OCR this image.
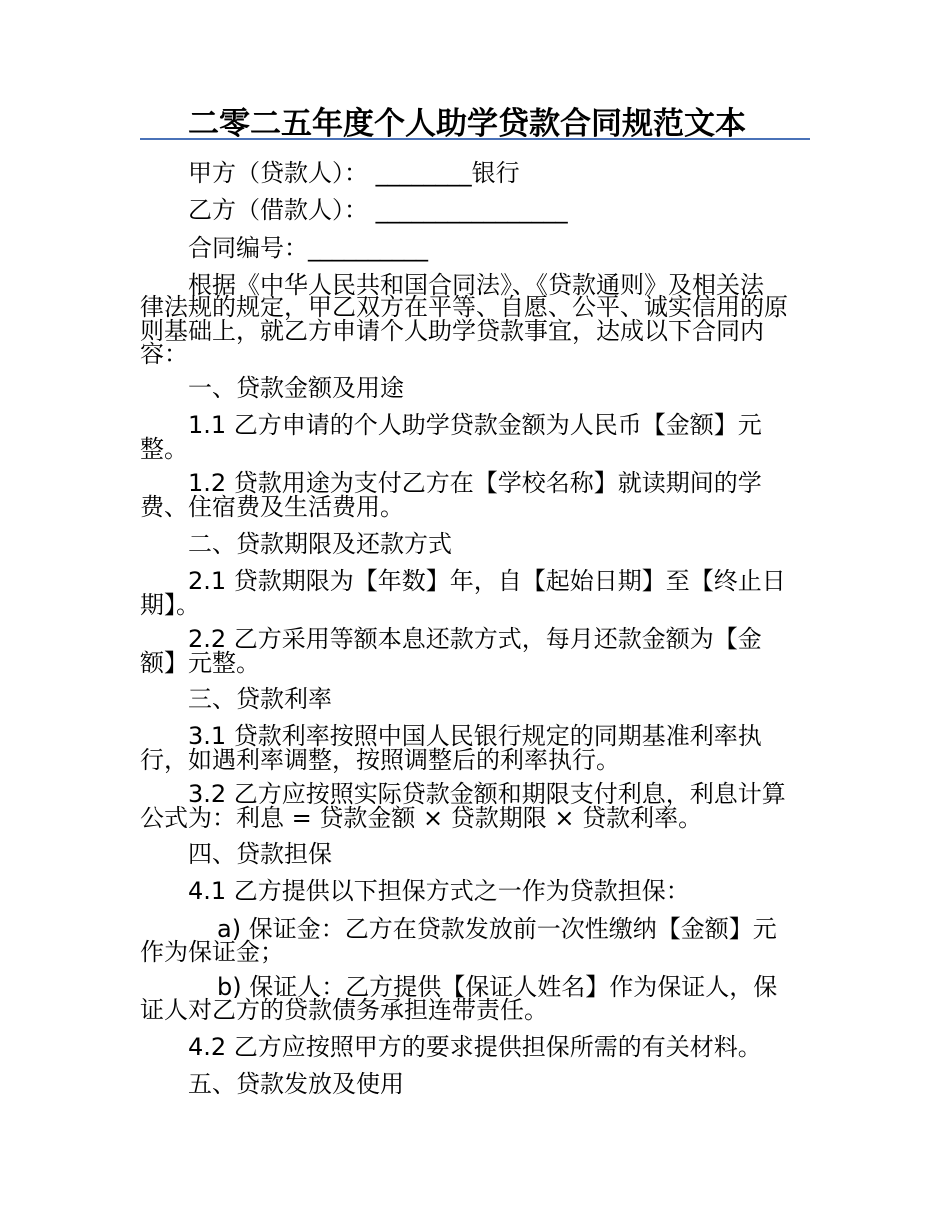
二零二五年度个人助学贷款合同规范文本

甲方（贷款人）： ________银行

乙方（借款人）： ________________

合同编号：__________

根据《中华人民共和国合同法》、《贷款通则》及相关法

律法规的规定，甲乙双方在平等、自愿、公平、诚实信用的原

则基础上，就乙方申请个人助学贷款事宜，达成以下合同内

容：

一、贷款金额及用途

1.1 乙方申请的个人助学贷款金额为人民币【金额】元

整。

1.2 贷款用途为支付乙方在【学校名称】就读期间的学

费、住宿费及生活费用。

二、贷款期限及还款方式

2.1 贷款期限为【年数】年，自【起始日期】至【终止日

期】。

2.2 乙方采用等额本息还款方式，每月还款金额为【金

额】元整。

三、贷款利率

3.1 贷款利率按照中国人民银行规定的同期基准利率执

行，如遇利率调整，按照调整后的利率执行。

3.2 乙方应按照实际贷款金额和期限支付利息，利息计算

公式为：利息 = 贷款金额 × 贷款期限 × 贷款利率。

四、贷款担保

4.1 乙方提供以下担保方式之一作为贷款担保：

a) 保证金：乙方在贷款发放前一次性缴纳【金额】元

作为保证金；

b) 保证人：乙方提供【保证人姓名】作为保证人，保

证人对乙方的贷款债务承担连带责任。

4.2 乙方应按照甲方的要求提供担保所需的有关材料。

五、贷款发放及使用
